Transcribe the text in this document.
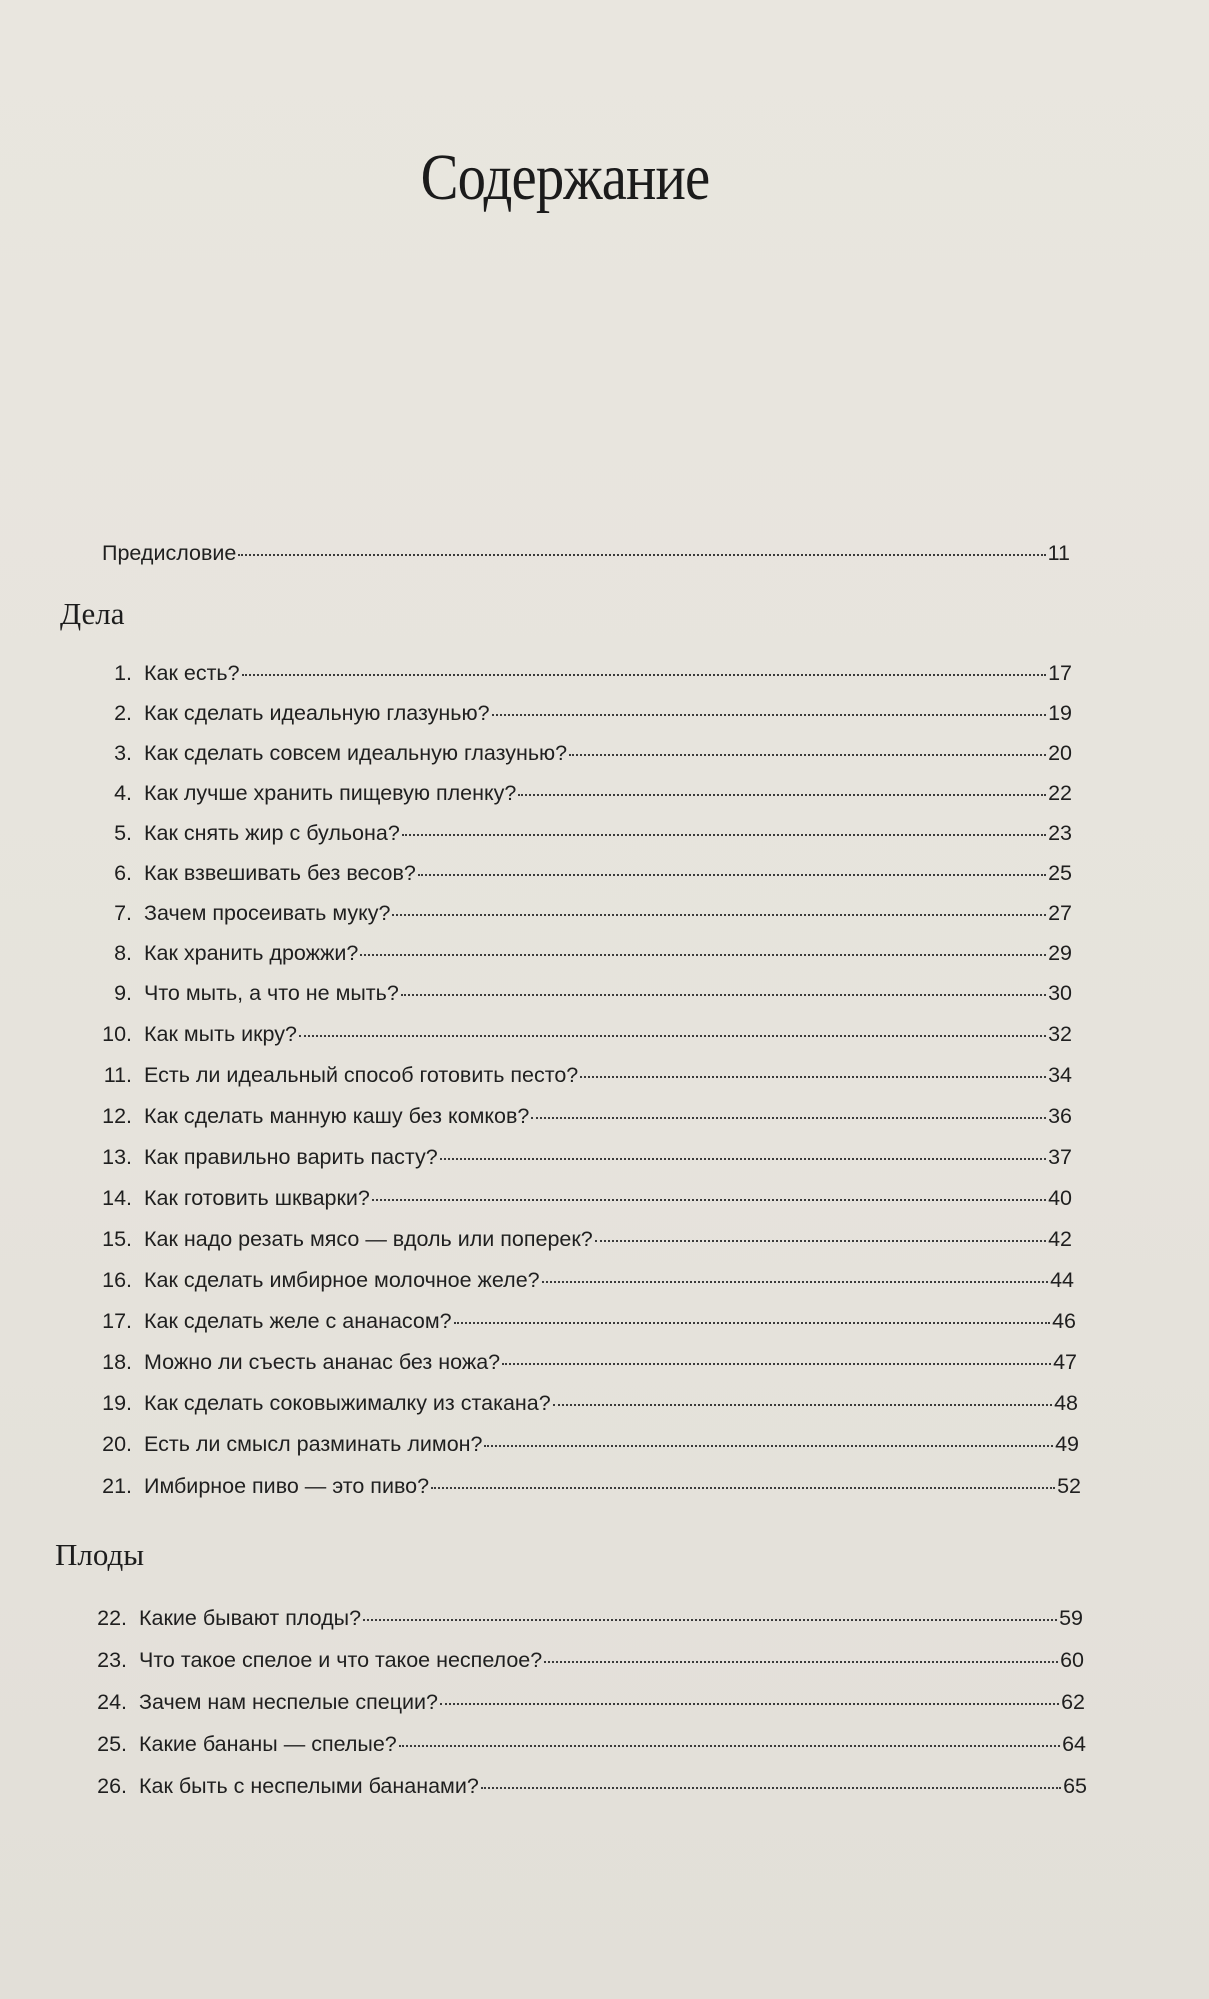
Содержание
Предисловие	11
Дела
1. Как есть?	17
2. Как сделать идеальную глазунью?	19
3. Как сделать совсем идеальную глазунью?	20
4. Как лучше хранить пищевую пленку?	22
5. Как снять жир с бульона?	23
6. Как взвешивать без весов?	25
7. Зачем просеивать муку?	27
8. Как хранить дрожжи?	29
9. Что мыть, а что не мыть?	30
10. Как мыть икру?	32
11. Есть ли идеальный способ готовить песто?	34
12. Как сделать манную кашу без комков?	36
13. Как правильно варить пасту?	37
14. Как готовить шкварки?	40
15. Как надо резать мясо — вдоль или поперек?	42
16. Как сделать имбирное молочное желе?	44
17. Как сделать желе с ананасом?	46
18. Можно ли съесть ананас без ножа?	47
19. Как сделать соковыжималку из стакана?	48
20. Есть ли смысл разминать лимон?	49
21. Имбирное пиво — это пиво?	52
Плоды
22. Какие бывают плоды?	59
23. Что такое спелое и что такое неспелое?	60
24. Зачем нам неспелые специи?	62
25. Какие бананы — спелые?	64
26. Как быть с неспелыми бананами?	65
